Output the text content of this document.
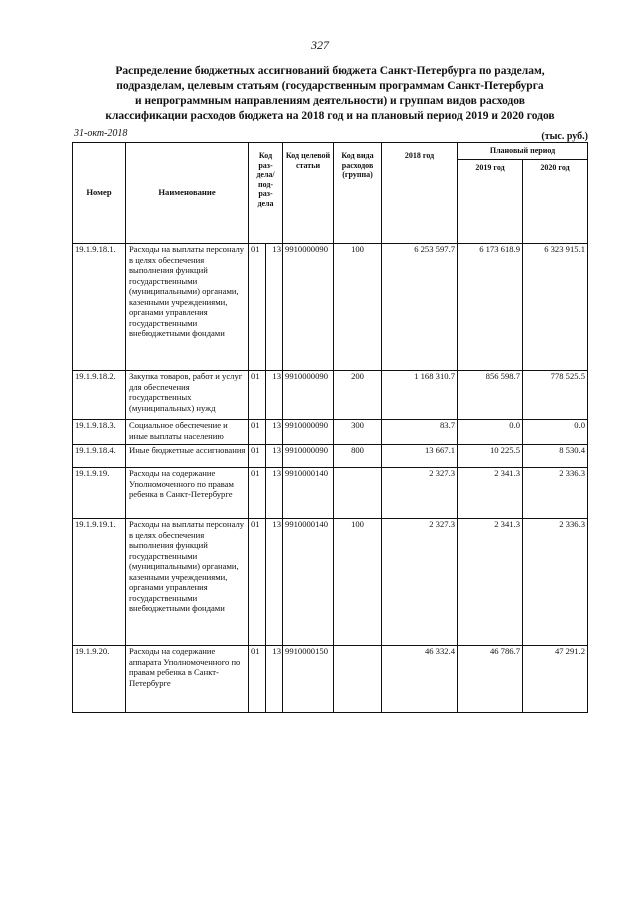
327
Распределение бюджетных ассигнований бюджета Санкт-Петербурга по разделам,
подразделам, целевым статьям (государственным программам Санкт-Петербурга
и непрограммным направлениям деятельности) и группам видов расходов
классификации расходов бюджета на 2018 год и на плановый период 2019 и 2020 годов
31-окт-2018	(тыс. руб.)
Номер	Наименование	Код раз-дела/ под-раз-дела		Код целевой статьи	Код вида расходов (группа)	2018 год	Плановый период	
							2019 год	2020 год
19.1.9.18.1.	Расходы на выплаты персоналу в целях обеспечения выполнения функций государственными (муниципальными) органами, казенными учреждениями, органами управления государственными внебюджетными фондами	01	13	9910000090	100	6 253 597.7	6 173 618.9	6 323 915.1
19.1.9.18.2.	Закупка товаров, работ и услуг для обеспечения государственных (муниципальных) нужд	01	13	9910000090	200	1 168 310.7	856 598.7	778 525.5
19.1.9.18.3.	Социальное обеспечение и иные выплаты населению	01	13	9910000090	300	83.7	0.0	0.0
19.1.9.18.4.	Иные бюджетные ассигнования	01	13	9910000090	800	13 667.1	10 225.5	8 530.4
19.1.9.19.	Расходы на содержание Уполномоченного по правам ребенка в Санкт-Петербурге	01	13	9910000140		2 327.3	2 341.3	2 336.3
19.1.9.19.1.	Расходы на выплаты персоналу в целях обеспечения выполнения функций государственными (муниципальными) органами, казенными учреждениями, органами управления государственными внебюджетными фондами	01	13	9910000140	100	2 327.3	2 341.3	2 336.3
19.1.9.20.	Расходы на содержание аппарата Уполномоченного по правам ребенка в Санкт-Петербурге	01	13	9910000150		46 332.4	46 786.7	47 291.2
